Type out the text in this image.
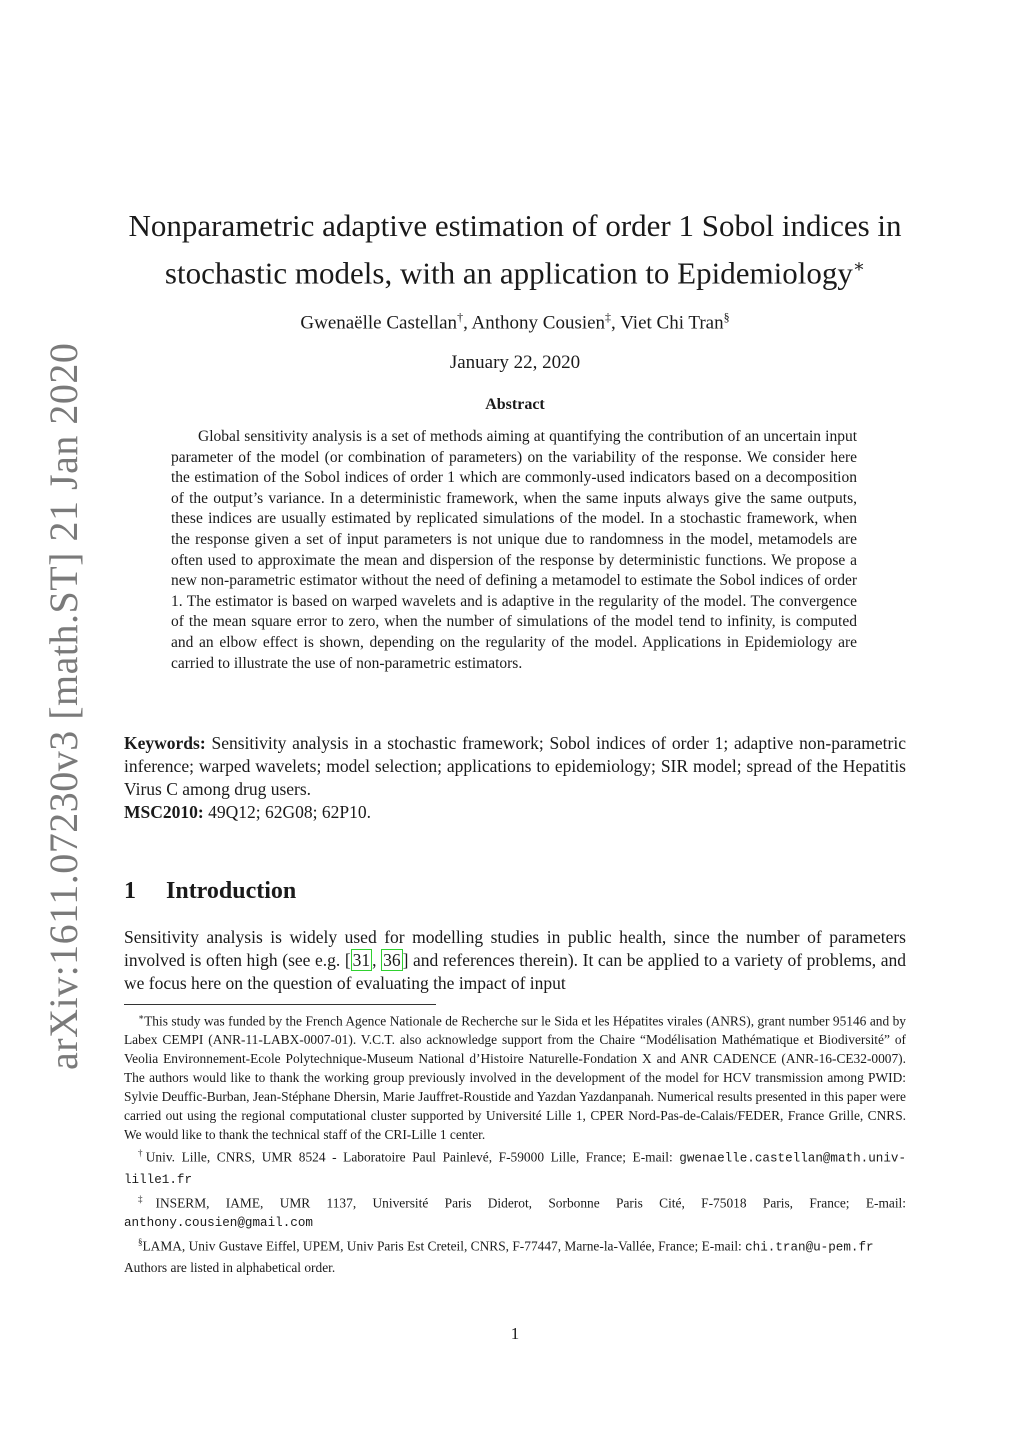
arXiv:1611.07230v3 [math.ST] 21 Jan 2020
Nonparametric adaptive estimation of order 1 Sobol indices in
stochastic models, with an application to Epidemiology∗
Gwenaëlle Castellan†, Anthony Cousien‡, Viet Chi Tran§
January 22, 2020
Abstract

Global sensitivity analysis is a set of methods aiming at quantifying the contribution of an uncertain input parameter of the model (or combination of parameters) on the variability of the response. We consider here the estimation of the Sobol indices of order 1 which are commonly-used indicators based on a decomposition of the output’s variance. In a deterministic framework, when the same inputs always give the same outputs, these indices are usually estimated by replicated simulations of the model. In a stochastic framework, when the response given a set of input parameters is not unique due to randomness in the model, metamodels are often used to approximate the mean and dispersion of the response by deterministic functions. We propose a new non-parametric estimator without the need of defining a metamodel to estimate the Sobol indices of order 1. The estimator is based on warped wavelets and is adaptive in the regularity of the model. The convergence of the mean square error to zero, when the number of simulations of the model tend to infinity, is computed and an elbow effect is shown, depending on the regularity of the model. Applications in Epidemiology are carried to illustrate the use of non-parametric estimators.

Keywords: Sensitivity analysis in a stochastic framework; Sobol indices of order 1; adaptive non-parametric inference; warped wavelets; model selection; applications to epidemiology; SIR model; spread of the Hepatitis Virus C among drug users.

MSC2010: 49Q12; 62G08; 62P10.

1 Introduction

Sensitivity analysis is widely used for modelling studies in public health, since the number of parameters involved is often high (see e.g. [ 31 , 36 ] and references therein). It can be applied to a variety of problems, and we focus here on the question of evaluating the impact of input

∗This study was funded by the French Agence Nationale de Recherche sur le Sida et les Hépatites virales (ANRS), grant number 95146 and by Labex CEMPI (ANR-11-LABX-0007-01). V.C.T. also acknowledge support from the Chaire “Modélisation Mathématique et Biodiversité” of Veolia Environnement-Ecole Polytechnique-Museum National d’Histoire Naturelle-Fondation X and ANR CADENCE (ANR-16-CE32-0007). The authors would like to thank the working group previously involved in the development of the model for HCV transmission among PWID: Sylvie Deuffic-Burban, Jean-Stéphane Dhersin, Marie Jauffret-Roustide and Yazdan Yazdanpanah. Numerical results presented in this paper were carried out using the regional computational cluster supported by Université Lille 1, CPER Nord-Pas-de-Calais/FEDER, France Grille, CNRS. We would like to thank the technical staff of the CRI-Lille 1 center.

†Univ. Lille, CNRS, UMR 8524 - Laboratoire Paul Painlevé, F-59000 Lille, France; E-mail: gwenaelle.castellan@math.univ-lille1.fr

‡INSERM, IAME, UMR 1137, Université Paris Diderot, Sorbonne Paris Cité, F-75018 Paris, France; E-mail: anthony.cousien@gmail.com

§LAMA, Univ Gustave Eiffel, UPEM, Univ Paris Est Creteil, CNRS, F-77447, Marne-la-Vallée, France; E-mail: chi.tran@u-pem.fr

Authors are listed in alphabetical order.

1
